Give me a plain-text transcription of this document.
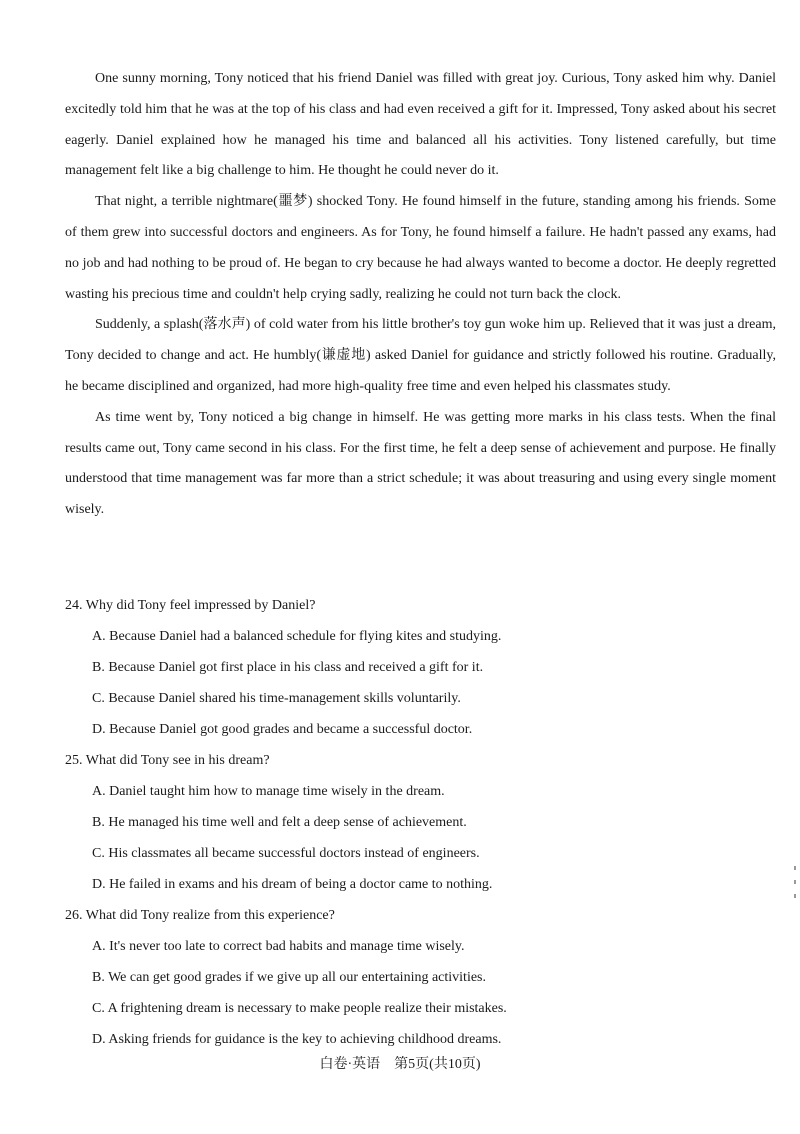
One sunny morning, Tony noticed that his friend Daniel was filled with great joy. Curious, Tony asked him why. Daniel excitedly told him that he was at the top of his class and had even received a gift for it. Impressed, Tony asked about his secret eagerly. Daniel explained how he managed his time and balanced all his activities. Tony listened carefully, but time management felt like a big challenge to him. He thought he could never do it.

That night, a terrible nightmare(噩梦) shocked Tony. He found himself in the future, standing among his friends. Some of them grew into successful doctors and engineers. As for Tony, he found himself a failure. He hadn't passed any exams, had no job and had nothing to be proud of. He began to cry because he had always wanted to become a doctor. He deeply regretted wasting his precious time and couldn't help crying sadly, realizing he could not turn back the clock.

Suddenly, a splash(落水声) of cold water from his little brother's toy gun woke him up. Relieved that it was just a dream, Tony decided to change and act. He humbly(谦虚地) asked Daniel for guidance and strictly followed his routine. Gradually, he became disciplined and organized, had more high-quality free time and even helped his classmates study.

As time went by, Tony noticed a big change in himself. He was getting more marks in his class tests. When the final results came out, Tony came second in his class. For the first time, he felt a deep sense of achievement and purpose. He finally understood that time management was far more than a strict schedule; it was about treasuring and using every single moment wisely.

24. Why did Tony feel impressed by Daniel?
A. Because Daniel had a balanced schedule for flying kites and studying.
B. Because Daniel got first place in his class and received a gift for it.
C. Because Daniel shared his time-management skills voluntarily.
D. Because Daniel got good grades and became a successful doctor.
25. What did Tony see in his dream?
A. Daniel taught him how to manage time wisely in the dream.
B. He managed his time well and felt a deep sense of achievement.
C. His classmates all became successful doctors instead of engineers.
D. He failed in exams and his dream of being a doctor came to nothing.
26. What did Tony realize from this experience?
A. It's never too late to correct bad habits and manage time wisely.
B. We can get good grades if we give up all our entertaining activities.
C. A frightening dream is necessary to make people realize their mistakes.
D. Asking friends for guidance is the key to achieving childhood dreams.
白卷·英语　第5页(共10页)
